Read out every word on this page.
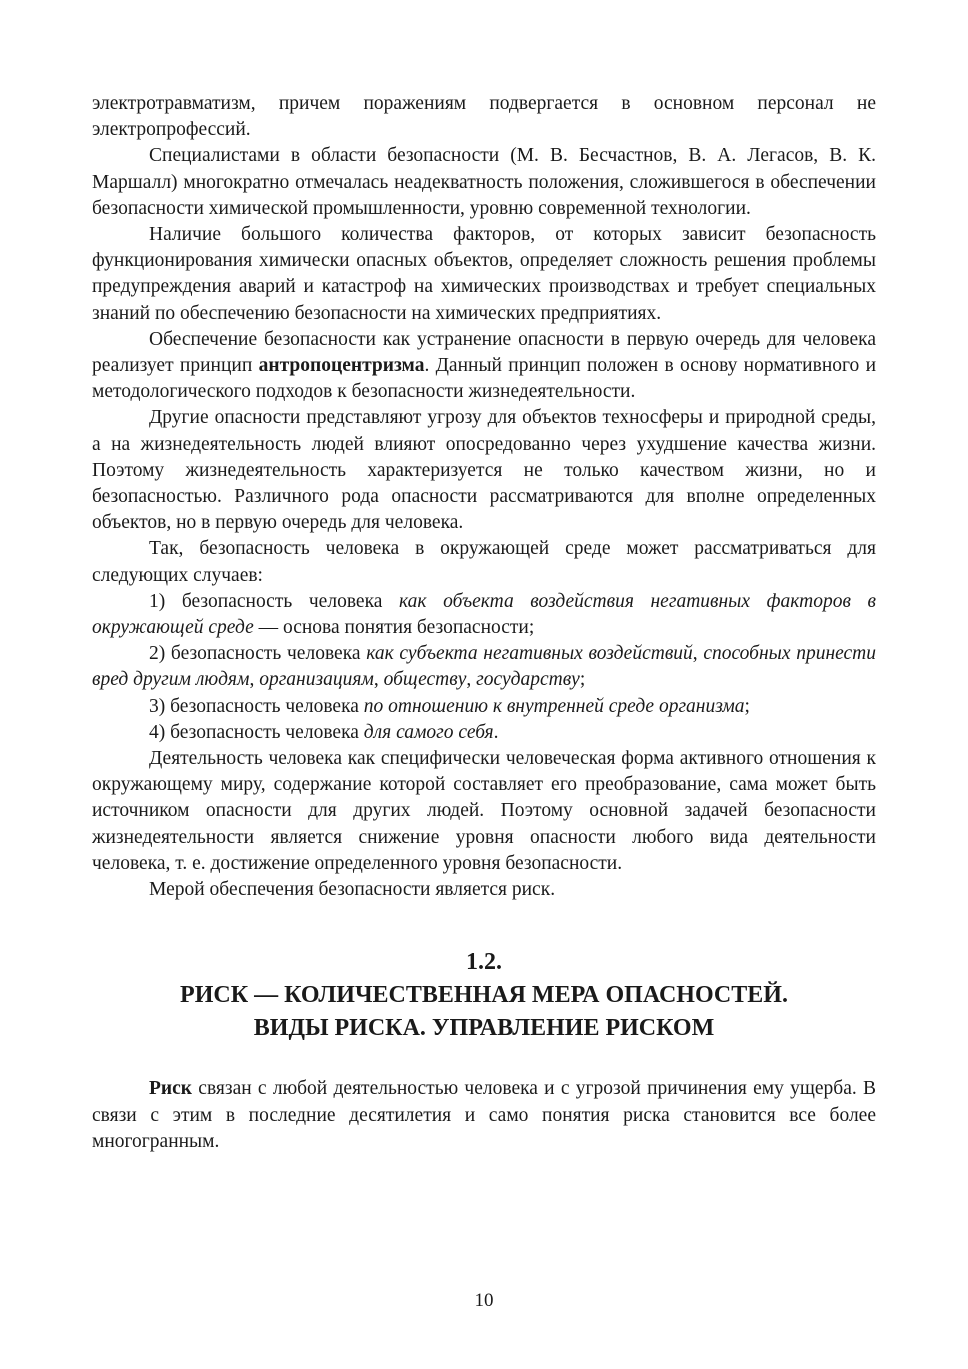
электротравматизм, причем поражениям подвергается в основном персонал не электропрофессий.

Специалистами в области безопасности (М. В. Бесчастнов, В. А. Легасов, В. К. Маршалл) многократно отмечалась неадекватность положения, сложившегося в обеспечении безопасности химической промышленности, уровню современной технологии.

Наличие большого количества факторов, от которых зависит безопасность функционирования химически опасных объектов, определяет сложность решения проблемы предупреждения аварий и катастроф на химических производствах и требует специальных знаний по обеспечению безопасности на химических предприятиях.

Обеспечение безопасности как устранение опасности в первую очередь для человека реализует принцип антропоцентризма. Данный принцип положен в основу нормативного и методологического подходов к безопасности жизнедеятельности.

Другие опасности представляют угрозу для объектов техносферы и природной среды, а на жизнедеятельность людей влияют опосредованно через ухудшение качества жизни. Поэтому жизнедеятельность характеризуется не только качеством жизни, но и безопасностью. Различного рода опасности рассматриваются для вполне определенных объектов, но в первую очередь для человека.

Так, безопасность человека в окружающей среде может рассматриваться для следующих случаев:

1) безопасность человека как объекта воздействия негативных факторов в окружающей среде — основа понятия безопасности;

2) безопасность человека как субъекта негативных воздействий, способных принести вред другим людям, организациям, обществу, государству;

3) безопасность человека по отношению к внутренней среде организма;

4) безопасность человека для самого себя.

Деятельность человека как специфически человеческая форма активного отношения к окружающему миру, содержание которой составляет его преобразование, сама может быть источником опасности для других людей. Поэтому основной задачей безопасности жизнедеятельности является снижение уровня опасности любого вида деятельности человека, т. е. достижение определенного уровня безопасности.

Мерой обеспечения безопасности является риск.

1.2.
РИСК — КОЛИЧЕСТВЕННАЯ МЕРА ОПАСНОСТЕЙ.
ВИДЫ РИСКА. УПРАВЛЕНИЕ РИСКОМ

Риск связан с любой деятельностью человека и с угрозой причинения ему ущерба. В связи с этим в последние десятилетия и само понятия риска становится все более многогранным.

10
